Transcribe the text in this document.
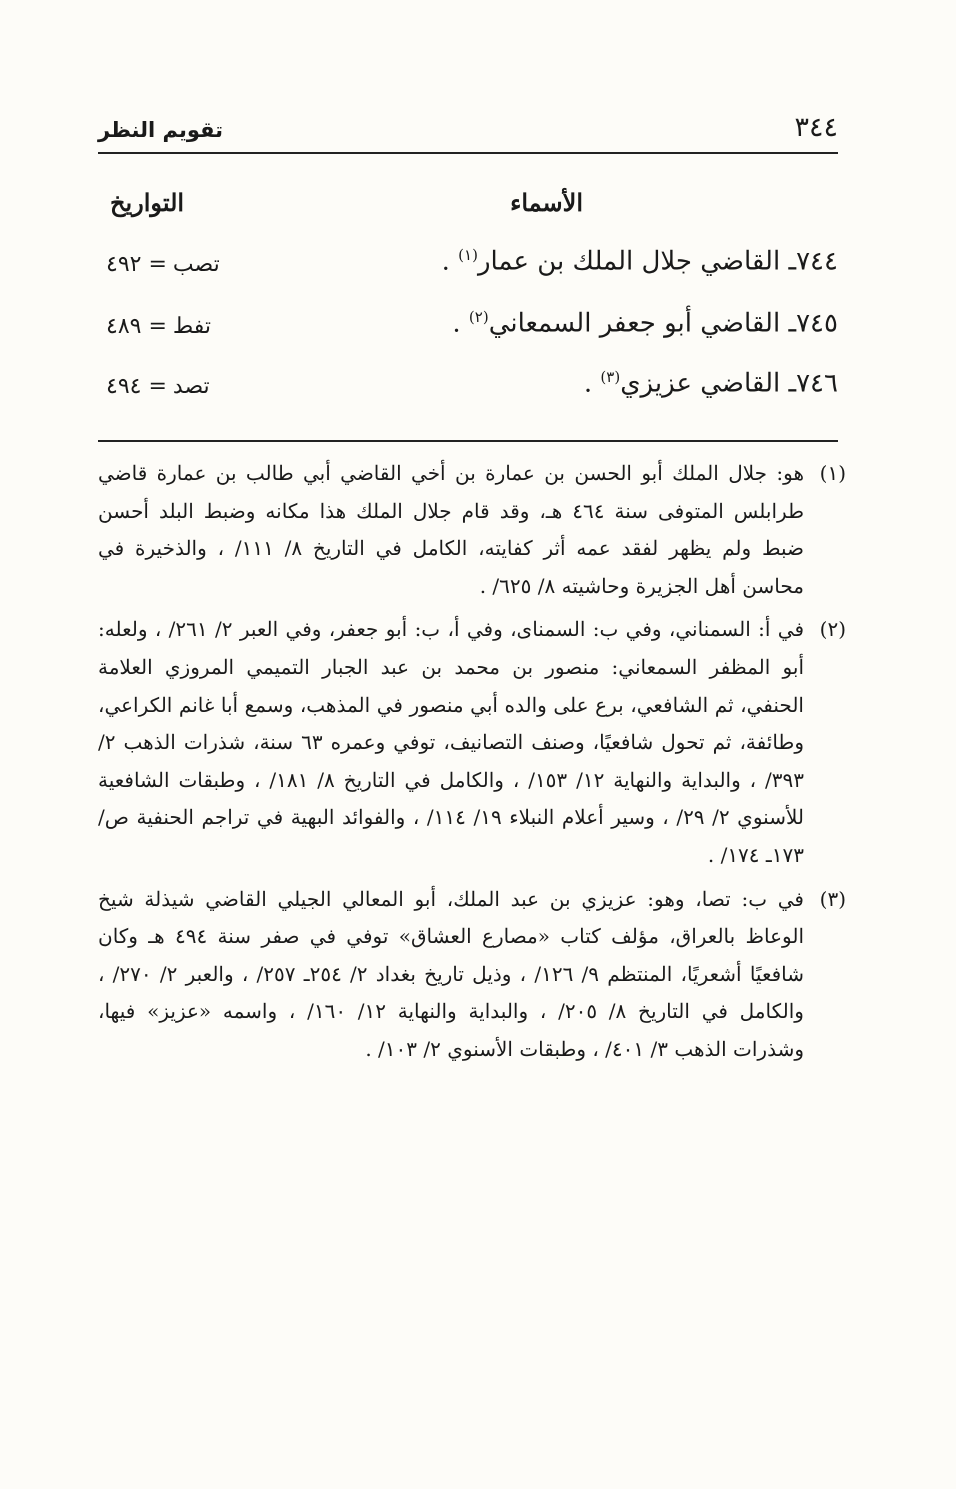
٣٤٤
تقويم النظر
الأسماء
التواريخ
٧٤٤ـ القاضي جلال الملك بن عمار$^{(١)}$ .
تصب= ٤٩٢
٧٤٥ـ القاضي أبو جعفر السمعاني$^{(٢)}$ .
تفط= ٤٨٩
٧٤٦ـ القاضي عزيزي$^{(٣)}$ .
تصد= ٤٩٤
(١)
هو: جلال الملك أبو الحسن بن عمارة بن أخي القاضي أبي طالب بن عمارة قاضي طرابلس المتوفى سنة ٤٦٤ هـ، وقد قام جلال الملك هذا مكانه وضبط البلد أحسن ضبط ولم يظهر لفقد عمه أثر كفايته، الكامل في التاريخ ٨/ ١١١/ ، والذخيرة في محاسن أهل الجزيرة وحاشيته ٨/ ٦٢٥/ .
(٢)
في أ: السمناني، وفي ب: السمناى، وفي أ، ب: أبو جعفر، وفي العبر ٢/ ٢٦١/ ، ولعله: أبو المظفر السمعاني: منصور بن محمد بن عبد الجبار التميمي المروزي العلامة الحنفي، ثم الشافعي، برع على والده أبي منصور في المذهب، وسمع أبا غانم الكراعي، وطائفة، ثم تحول شافعيًا، وصنف التصانيف، توفي وعمره ٦٣ سنة، شذرات الذهب ٢/ ٣٩٣/ ، والبداية والنهاية ١٢/ ١٥٣/ ، والكامل في التاريخ ٨/ ١٨١/ ، وطبقات الشافعية للأسنوي ٢/ ٢٩/ ، وسير أعلام النبلاء ١٩/ ١١٤/ ، والفوائد البهية في تراجم الحنفية ص/ ١٧٣ـ ١٧٤/ .
(٣)
في ب: تصا، وهو: عزيزي بن عبد الملك، أبو المعالي الجيلي القاضي شيذلة شيخ الوعاظ بالعراق، مؤلف كتاب «مصارع العشاق» توفي في صفر سنة ٤٩٤ هـ وكان شافعيًا أشعريًا، المنتظم ٩/ ١٢٦/ ، وذيل تاريخ بغداد ٢/ ٢٥٤ـ ٢٥٧/ ، والعبر ٢/ ٢٧٠/ ، والكامل في التاريخ ٨/ ٢٠٥/ ، والبداية والنهاية ١٢/ ١٦٠/ ، واسمه «عزيز» فيها، وشذرات الذهب ٣/ ٤٠١/ ، وطبقات الأسنوي ٢/ ١٠٣/ .
